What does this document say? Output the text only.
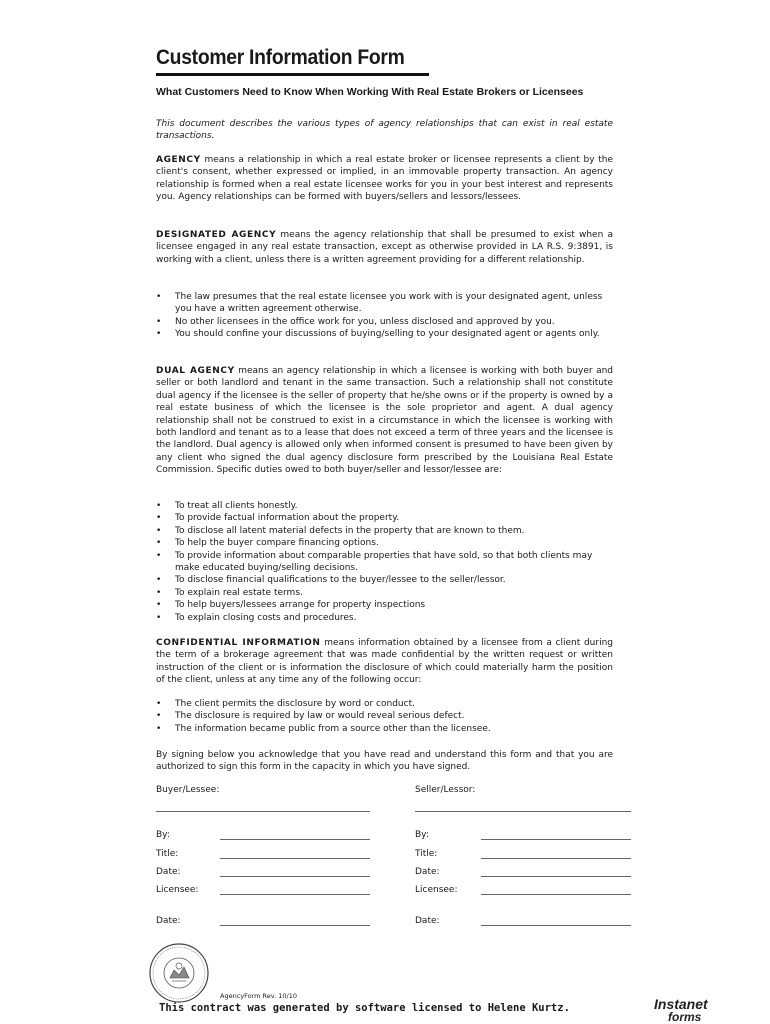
Customer Information Form
What Customers Need to Know When Working With Real Estate Brokers or Licensees

This document describes the various types of agency relationships that can exist in real estate transactions.

AGENCY means a relationship in which a real estate broker or licensee represents a client by the client's consent, whether expressed or implied, in an immovable property transaction. An agency relationship is formed when a real estate licensee works for you in your best interest and represents you. Agency relationships can be formed with buyers/sellers and lessors/lessees.

DESIGNATED AGENCY means the agency relationship that shall be presumed to exist when a licensee engaged in any real estate transaction, except as otherwise provided in LA R.S. 9:3891, is working with a client, unless there is a written agreement providing for a different relationship.

• The law presumes that the real estate licensee you work with is your designated agent, unless you have a written agreement otherwise.
• No other licensees in the office work for you, unless disclosed and approved by you.
• You should confine your discussions of buying/selling to your designated agent or agents only.

DUAL AGENCY means an agency relationship in which a licensee is working with both buyer and seller or both landlord and tenant in the same transaction. Such a relationship shall not constitute dual agency if the licensee is the seller of property that he/she owns or if the property is owned by a real estate business of which the licensee is the sole proprietor and agent. A dual agency relationship shall not be construed to exist in a circumstance in which the licensee is working with both landlord and tenant as to a lease that does not exceed a term of three years and the licensee is the landlord. Dual agency is allowed only when informed consent is presumed to have been given by any client who signed the dual agency disclosure form prescribed by the Louisiana Real Estate Commission. Specific duties owed to both buyer/seller and lessor/lessee are:

• To treat all clients honestly.
• To provide factual information about the property.
• To disclose all latent material defects in the property that are known to them.
• To help the buyer compare financing options.
• To provide information about comparable properties that have sold, so that both clients may make educated buying/selling decisions.
• To disclose financial qualifications to the buyer/lessee to the seller/lessor.
• To explain real estate terms.
• To help buyers/lessees arrange for property inspections
• To explain closing costs and procedures.

CONFIDENTIAL INFORMATION means information obtained by a licensee from a client during the term of a brokerage agreement that was made confidential by the written request or written instruction of the client or is information the disclosure of which could materially harm the position of the client, unless at any time any of the following occur:

• The client permits the disclosure by word or conduct.
• The disclosure is required by law or would reveal serious defect.
• The information became public from a source other than the licensee.

By signing below you acknowledge that you have read and understand this form and that you are authorized to sign this form in the capacity in which you have signed.

Buyer/Lessee:
By:
Title:
Date:
Licensee:
Date:
Seller/Lessor:
By:
Title:
Date:
Licensee:
Date:
AgencyForm Rev. 10/10
This contract was generated by software licensed to Helene Kurtz.	Instanet
forms
